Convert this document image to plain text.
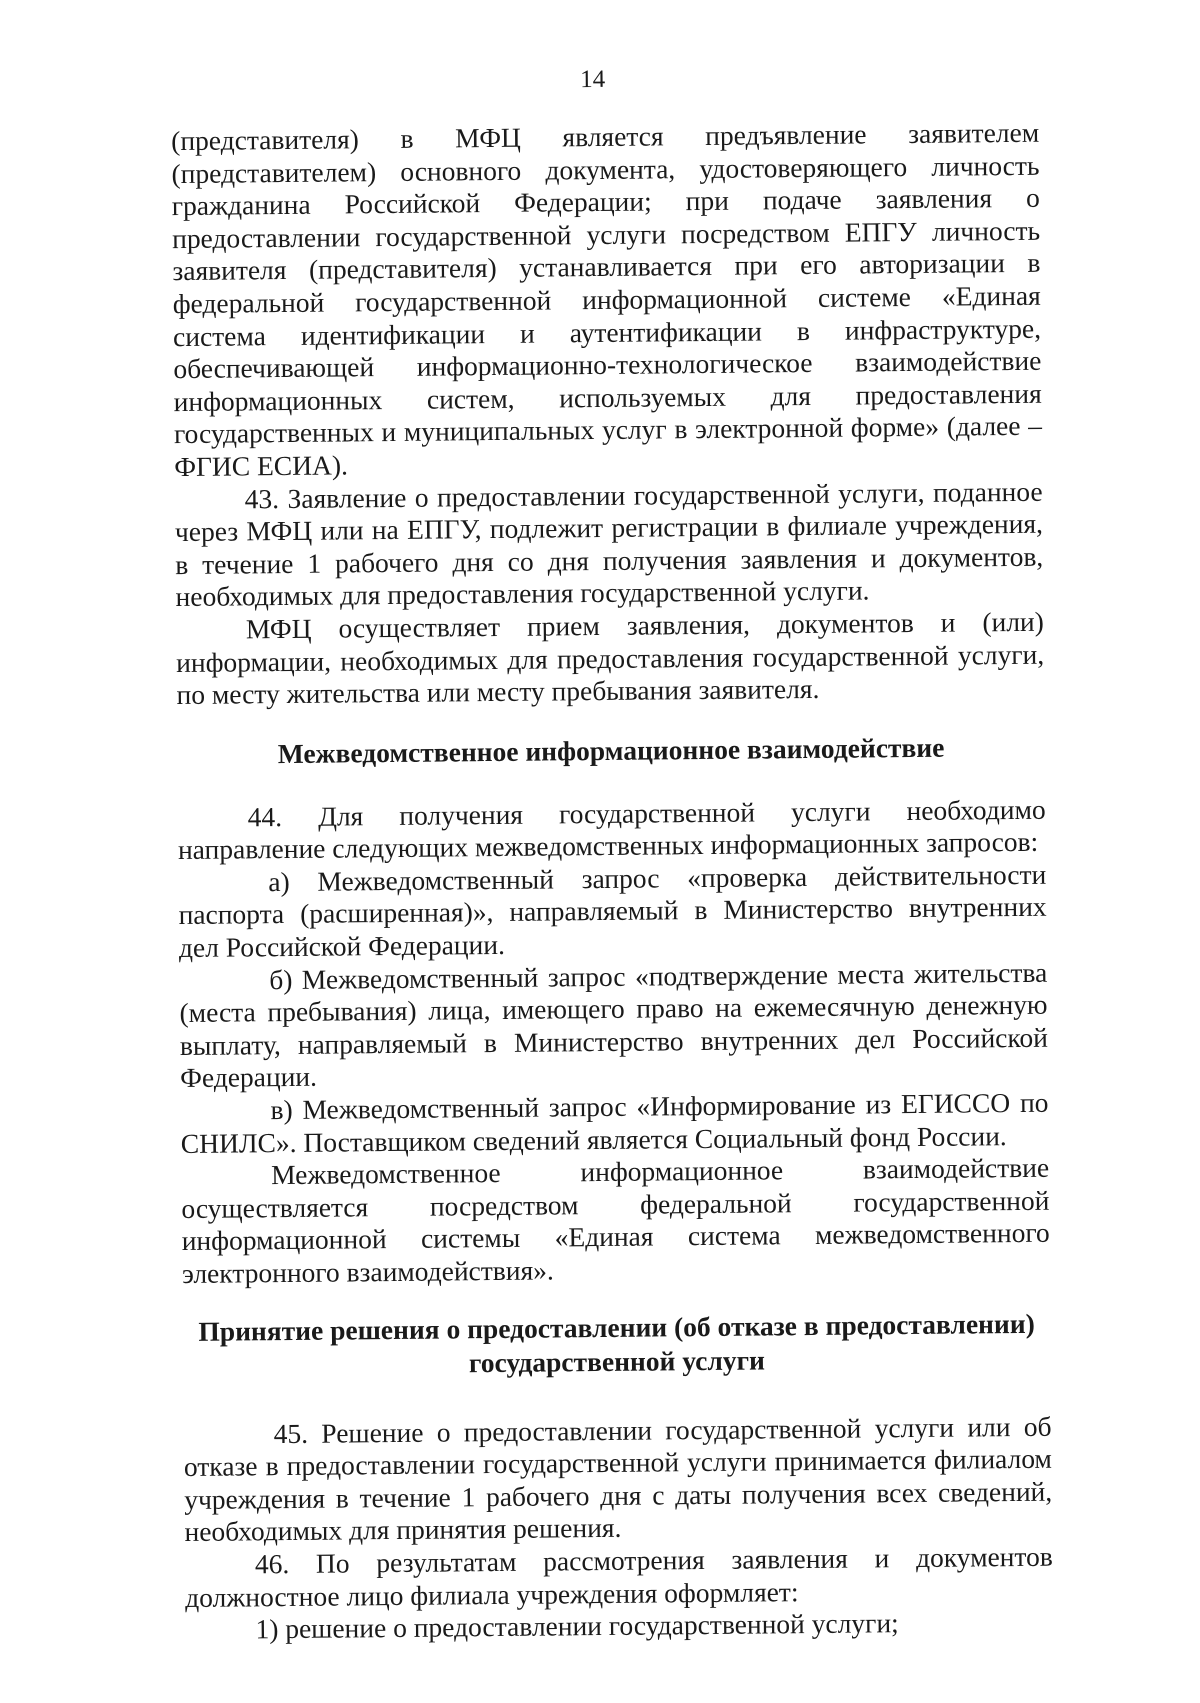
14

(представителя) в МФЦ является предъявление заявителем (представителем) основного документа, удостоверяющего личность гражданина Российской Федерации; при подаче заявления о предоставлении государственной услуги посредством ЕПГУ личность заявителя (представителя) устанавливается при его авторизации в федеральной государственной информационной системе «Единая система идентификации и аутентификации в инфраструктуре, обеспечивающей информационно-технологическое взаимодействие информационных систем, используемых для предоставления государственных и муниципальных услуг в электронной форме» (далее – ФГИС ЕСИА).

43. Заявление о предоставлении государственной услуги, поданное через МФЦ или на ЕПГУ, подлежит регистрации в филиале учреждения, в течение 1 рабочего дня со дня получения заявления и документов, необходимых для предоставления государственной услуги.

МФЦ осуществляет прием заявления, документов и (или) информации, необходимых для предоставления государственной услуги, по месту жительства или месту пребывания заявителя.

Межведомственное информационное взаимодействие

44. Для получения государственной услуги необходимо направление следующих межведомственных информационных запросов:

а) Межведомственный запрос «проверка действительности паспорта (расширенная)», направляемый в Министерство внутренних дел Российской Федерации.

б) Межведомственный запрос «подтверждение места жительства (места пребывания) лица, имеющего право на ежемесячную денежную выплату, направляемый в Министерство внутренних дел Российской Федерации.

в) Межведомственный запрос «Информирование из ЕГИССО по СНИЛС». Поставщиком сведений является Социальный фонд России.

Межведомственное информационное взаимодействие осуществляется посредством федеральной государственной информационной системы «Единая система межведомственного электронного взаимодействия».

Принятие решения о предоставлении (об отказе в предоставлении)

государственной услуги

45. Решение о предоставлении государственной услуги или об отказе в предоставлении государственной услуги принимается филиалом учреждения в течение 1 рабочего дня с даты получения всех сведений, необходимых для принятия решения.

46. По результатам рассмотрения заявления и документов должностное лицо филиала учреждения оформляет:

1) решение о предоставлении государственной услуги;
